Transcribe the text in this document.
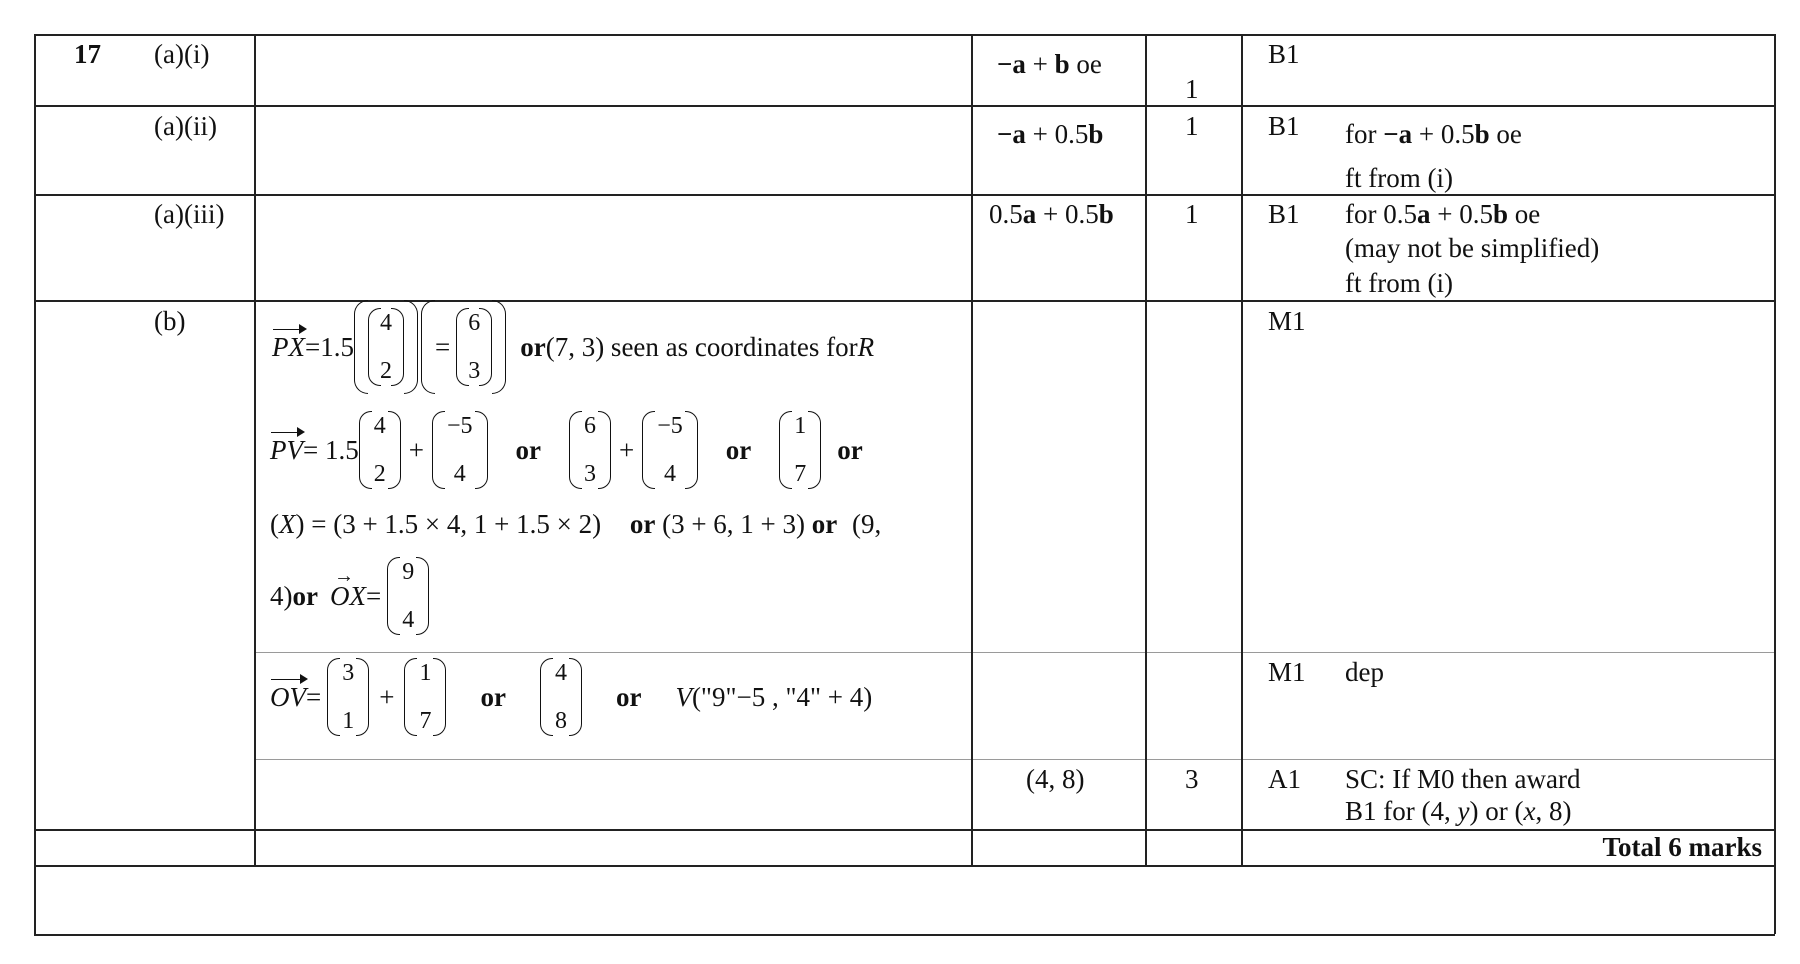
17 (a)(i)
(a)(ii)
(a)(iii)
(b)
−a + b oe
−a + 0.5b
0.5a + 0.5b
(4, 8)
1
1
1
3
B1
B1
B1
M1
M1
A1
for −a + 0.5b oe
ft from (i)
for 0.5a + 0.5b oe
(may not be simplified)
ft from (i)
dep
SC: If M0 then award
B1 for (4, y) or (x, 8)
PX =1.5
4
2
=
6
3
or (7, 3) seen as coordinates for R
PV = 1.5
4
2
+
−5
4
or
6
3
+
−5
4
or
1
7
or
(X) = (3 + 1.5 × 4, 1 + 1.5 × 2) or (3 + 6, 1 + 3) or (9,
4) or OX → =
9
4
OV =
3
1
+
1
7
or
4
8
or V ("9"−5 , "4" + 4)
Total 6 marks
